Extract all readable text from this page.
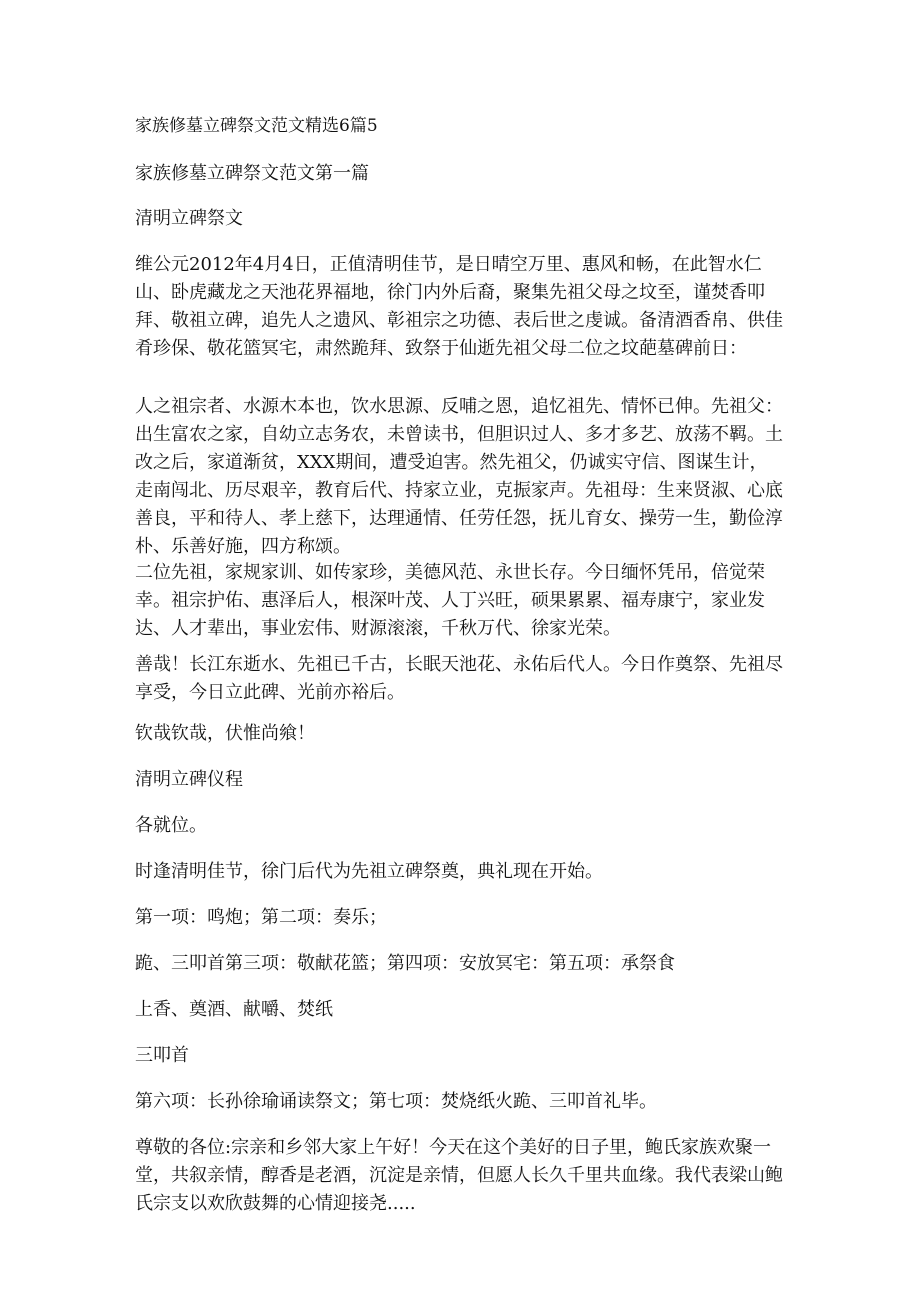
家族修墓立碑祭文范文精选6篇5
家族修墓立碑祭文范文第一篇
清明立碑祭文
维公元2012年4月4日，正值清明佳节，是日晴空万里、惠风和畅，在此智水仁山、卧虎藏龙之天池花界福地，徐门内外后裔，聚集先祖父母之坟至，谨焚香叩拜、敬祖立碑，追先人之遗风、彰祖宗之功德、表后世之虔诚。备清酒香帛、供佳肴珍保、敬花篮冥宅，肃然跪拜、致祭于仙逝先祖父母二位之坟葩墓碑前日：
人之祖宗者、水源木本也，饮水思源、反哺之恩，追忆祖先、情怀已伸。先祖父：出生富农之家，自幼立志务农，未曾读书，但胆识过人、多才多艺、放荡不羁。土改之后，家道渐贫，XXX期间，遭受迫害。然先祖父，仍诚实守信、图谋生计，走南闯北、历尽艰辛，教育后代、持家立业，克振家声。先祖母：生来贤淑、心底善良，平和待人、孝上慈下，达理通情、任劳任怨，抚儿育女、操劳一生，勤俭淳朴、乐善好施，四方称颂。
二位先祖，家规家训、如传家珍，美德风范、永世长存。今日缅怀凭吊，倍觉荣幸。祖宗护佑、惠泽后人，根深叶茂、人丁兴旺，硕果累累、福寿康宁，家业发达、人才辈出，事业宏伟、财源滚滚，千秋万代、徐家光荣。
善哉！长江东逝水、先祖已千古，长眠天池花、永佑后代人。今日作奠祭、先祖尽享受，今日立此碑、光前亦裕后。
钦哉钦哉，伏惟尚飨！
清明立碑仪程
各就位。
时逢清明佳节，徐门后代为先祖立碑祭奠，典礼现在开始。
第一项：鸣炮；第二项：奏乐；
跪、三叩首第三项：敬献花篮；第四项：安放冥宅：第五项：承祭食
上香、奠酒、献嚼、焚纸
三叩首
第六项：长孙徐瑜诵读祭文；第七项：焚烧纸火跪、三叩首礼毕。
尊敬的各位:宗亲和乡邻大家上午好！今天在这个美好的日子里，鲍氏家族欢聚一堂，共叙亲情，醇香是老酒，沉淀是亲情，但愿人长久千里共血缘。我代表梁山鲍氏宗支以欢欣鼓舞的心情迎接尧.....
